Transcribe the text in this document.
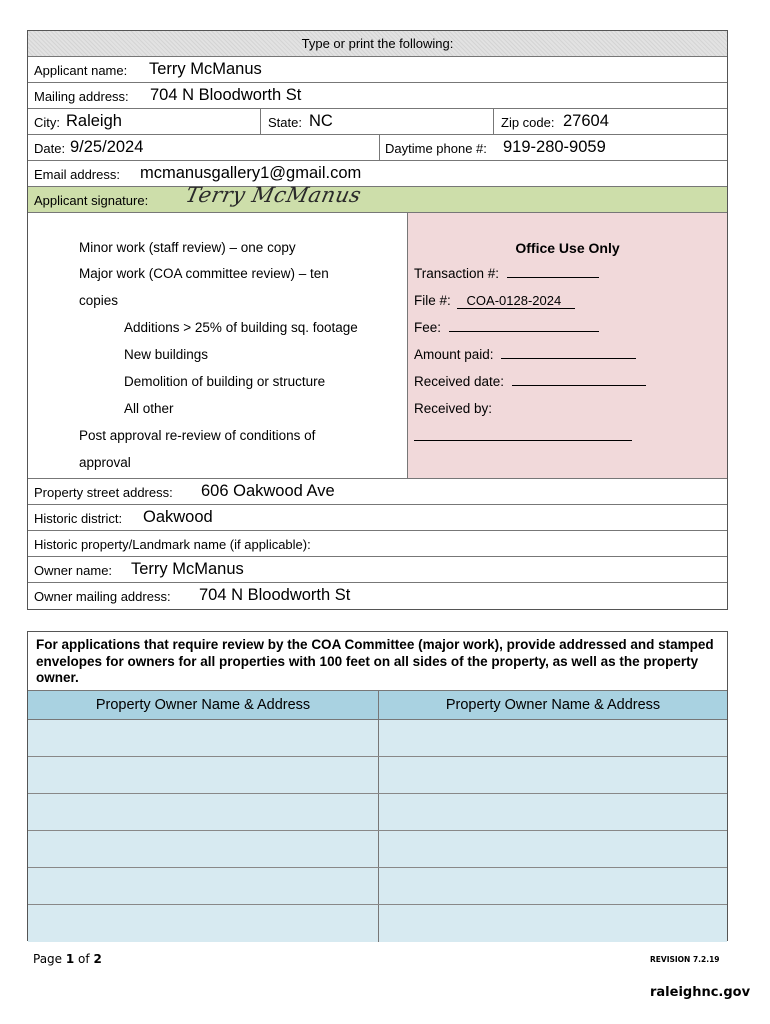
Type or print the following:
Applicant name: Terry McManus
Mailing address: 704 N Bloodworth St
City: Raleigh	State: NC	Zip code: 27604
Date: 9/25/2024	Daytime phone #: 919-280-9059
Email address: mcmanusgallery1@gmail.com
Applicant signature: Terry McManus
Minor work (staff review) – one copy
Major work (COA committee review) – ten
copies
Additions > 25% of building sq. footage
New buildings
Demolition of building or structure
All other
Post approval re-review of conditions of
approval
Office Use Only
Transaction #:
File #: COA-0128-2024
Fee:
Amount paid:
Received date:
Received by:
Property street address: 606 Oakwood Ave
Historic district: Oakwood
Historic property/Landmark name (if applicable):
Owner name: Terry McManus
Owner mailing address: 704 N Bloodworth St
For applications that require review by the COA Committee (major work), provide addressed and stamped envelopes for owners for all properties with 100 feet on all sides of the property, as well as the property owner.
Property Owner Name & Address	Property Owner Name & Address
Page 1 of 2	REVISION 7.2.19
raleighnc.gov
